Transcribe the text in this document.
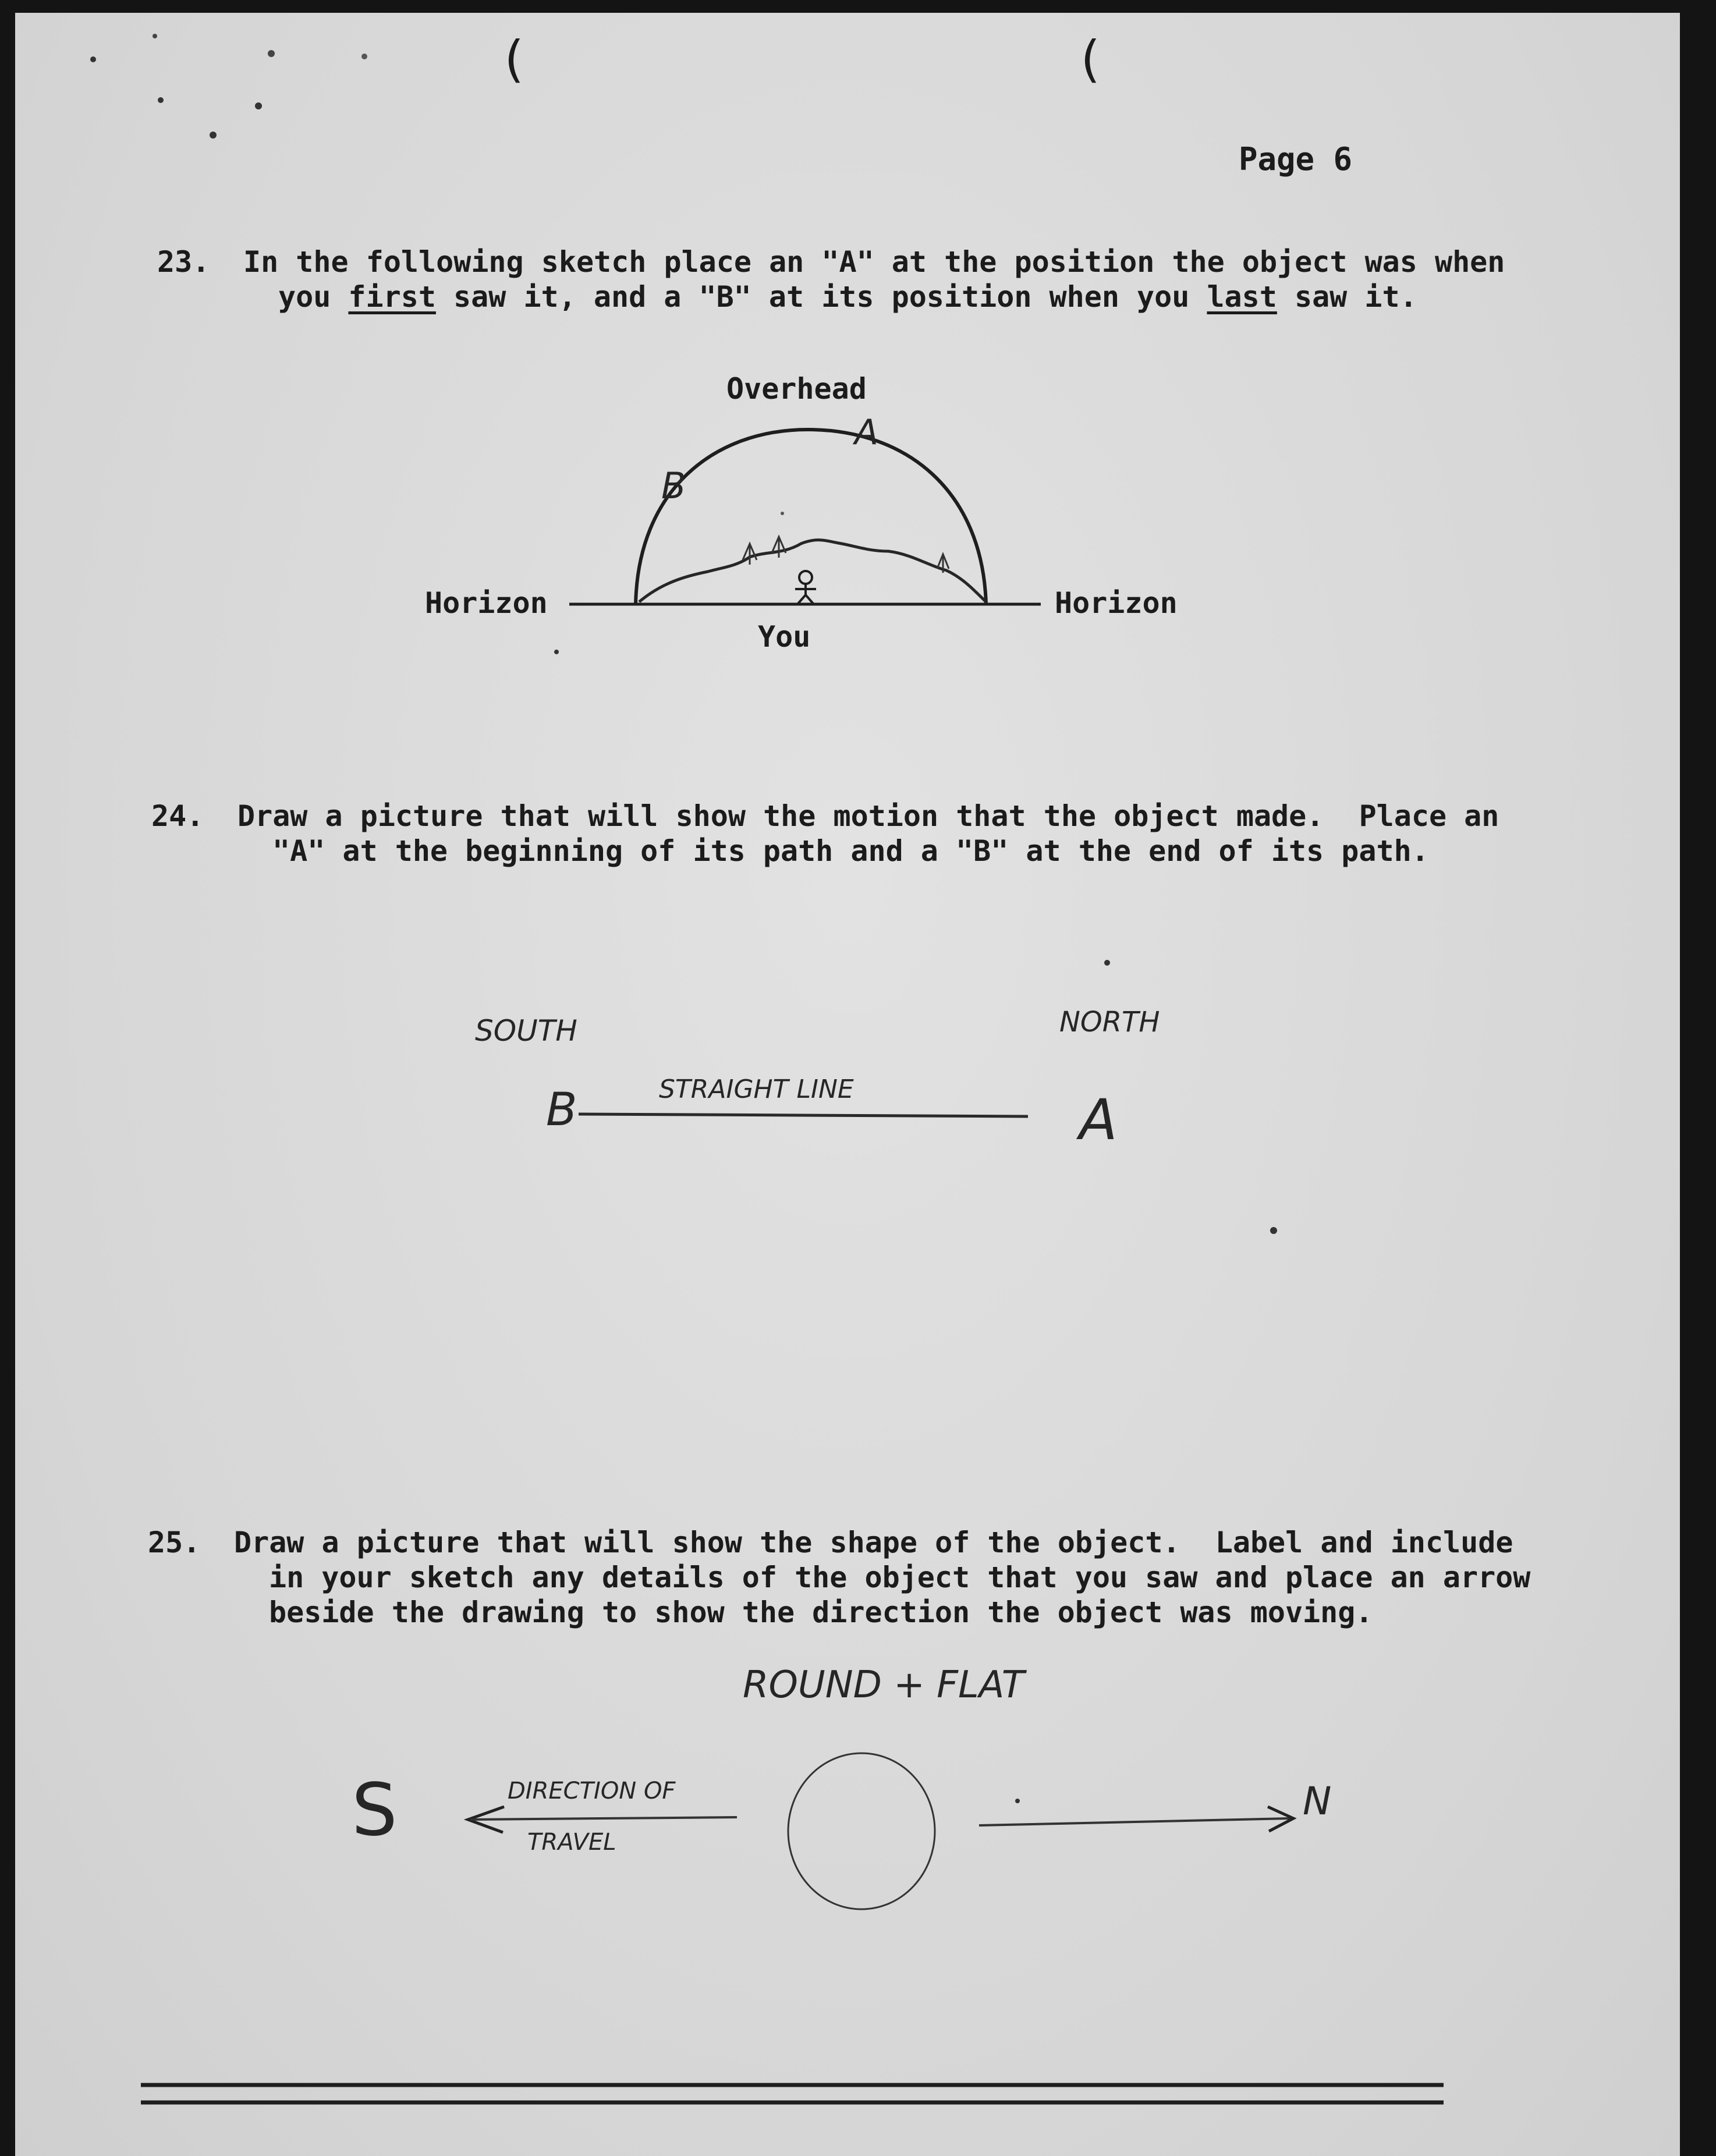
(	(
Page 6
23. In the following sketch place an "A" at the position the object was when
you first saw it, and a "B" at its position when you last saw it.
Overhead
Horizon	Horizon
You
A
B
24. Draw a picture that will show the motion that the object made.  Place an
"A" at the beginning of its path and a "B" at the end of its path.
SOUTH	NORTH
STRAIGHT LINE
B	A
25. Draw a picture that will show the shape of the object.  Label and include
in your sketch any details of the object that you saw and place an arrow
beside the drawing to show the direction the object was moving.
ROUND + FLAT
S	N
DIRECTION OF
TRAVEL
